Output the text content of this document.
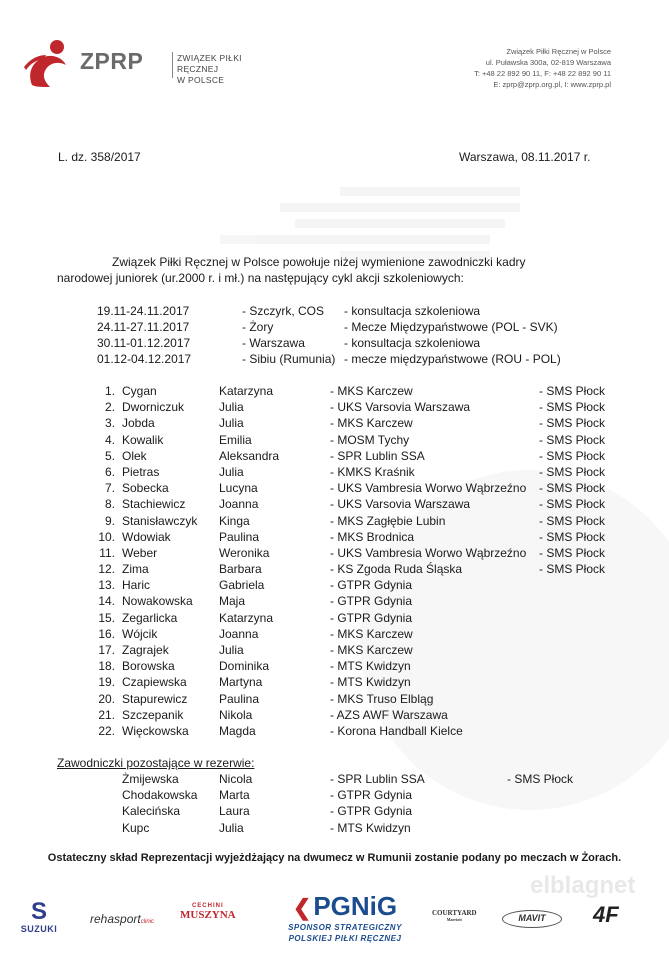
ZPRP	ZWIĄZEK PIŁKI RĘCZNEJ
W POLSCE
Związek Piłki Ręcznej w Polsce
ul. Puławska 300a, 02-819 Warszawa
T: +48 22 892 90 11, F: +48 22 892 90 11
E: zprp@zprp.org.pl, I: www.zprp.pl
L. dz. 358/2017	Warszawa, 08.11.2017 r.
Związek Piłki Ręcznej w Polsce powołuje niżej wymienione zawodniczki kadry
narodowej juniorek (ur.2000 r. i mł.) na następujący cykl akcji szkoleniowych:
19.11-24.11.2017	- Szczyrk, COS - konsultacja szkoleniowa
24.11-27.11.2017	- Żory	- Mecze Międzypaństwowe (POL - SVK)
30.11-01.12.2017	- Warszawa	- konsultacja szkoleniowa
01.12-04.12.2017	- Sibiu (Rumunia) - mecze międzypaństwowe (ROU - POL)
1. Cygan	Katarzyna	- MKS Karczew	- SMS Płock
2. Dworniczuk	Julia	- UKS Varsovia Warszawa	- SMS Płock
3. Jobda	Julia	- MKS Karczew	- SMS Płock
4. Kowalik	Emilia	- MOSM Tychy	- SMS Płock
5. Olek	Aleksandra	- SPR Lublin SSA	- SMS Płock
6. Pietras	Julia	- KMKS Kraśnik	- SMS Płock
7. Sobecka	Lucyna	- UKS Vambresia Worwo Wąbrzeźno - SMS Płock
8. Stachiewicz	Joanna	- UKS Varsovia Warszawa	- SMS Płock
9. Stanisławczyk Kinga	- MKS Zagłębie Lubin	- SMS Płock
10. Wdowiak	Paulina	- MKS Brodnica	- SMS Płock
11. Weber	Weronika	- UKS Vambresia Worwo Wąbrzeźno - SMS Płock
12. Zima	Barbara	- KS Zgoda Ruda Śląska	- SMS Płock
13. Haric	Gabriela	- GTPR Gdynia
14. Nowakowska Maja	- GTPR Gdynia
15. Zegarlicka	Katarzyna	- GTPR Gdynia
16. Wójcik	Joanna	- MKS Karczew
17. Zagrajek	Julia	- MKS Karczew
18. Borowska	Dominika	- MTS Kwidzyn
19. Czapiewska	Martyna	- MTS Kwidzyn
20. Stapurewicz	Paulina	- MKS Truso Elbląg
21. Szczepanik	Nikola	- AZS AWF Warszawa
22. Więckowska	Magda	- Korona Handball Kielce
Zawodniczki pozostające w rezerwie:
Żmijewska	Nicola	- SPR Lublin SSA	- SMS Płock
Chodakowska Marta	- GTPR Gdynia
Kalecińska	Laura	- GTPR Gdynia
Kupc	Julia	- MTS Kwidzyn
Ostateczny skład Reprezentacji wyjeżdżający na dwumecz w Rumunii zostanie podany po meczach w Żorach.
elblagnet
S
SUZUKI
rehasportclinic
CECHINI
MUSZYNA	❮PGNiG
SPONSOR STRATEGICZNY
POLSKIEJ PIŁKI RĘCZNEJ
COURTYARD
Marriott	MAVIT	4F
